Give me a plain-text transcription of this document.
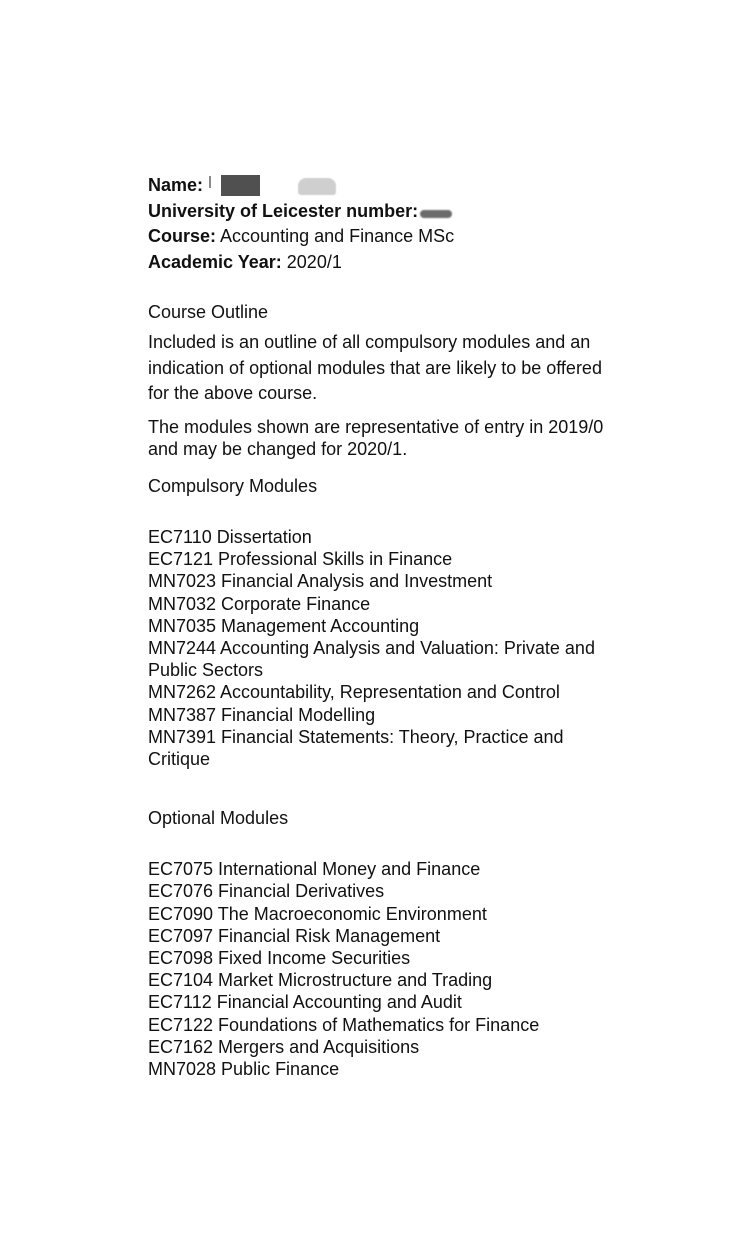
Name:
University of Leicester number:
Course: Accounting and Finance MSc
Academic Year: 2020/1
Course Outline
Included is an outline of all compulsory modules and an indication of optional modules that are likely to be offered for the above course.
The modules shown are representative of entry in 2019/0 and may be changed for 2020/1.
Compulsory Modules
EC7110 Dissertation
EC7121 Professional Skills in Finance
MN7023 Financial Analysis and Investment
MN7032 Corporate Finance
MN7035 Management Accounting
MN7244 Accounting Analysis and Valuation: Private and Public Sectors
MN7262 Accountability, Representation and Control
MN7387 Financial Modelling
MN7391 Financial Statements: Theory, Practice and Critique
Optional Modules
EC7075 International Money and Finance
EC7076 Financial Derivatives
EC7090 The Macroeconomic Environment
EC7097 Financial Risk Management
EC7098 Fixed Income Securities
EC7104 Market Microstructure and Trading
EC7112 Financial Accounting and Audit
EC7122 Foundations of Mathematics for Finance
EC7162 Mergers and Acquisitions
MN7028 Public Finance
